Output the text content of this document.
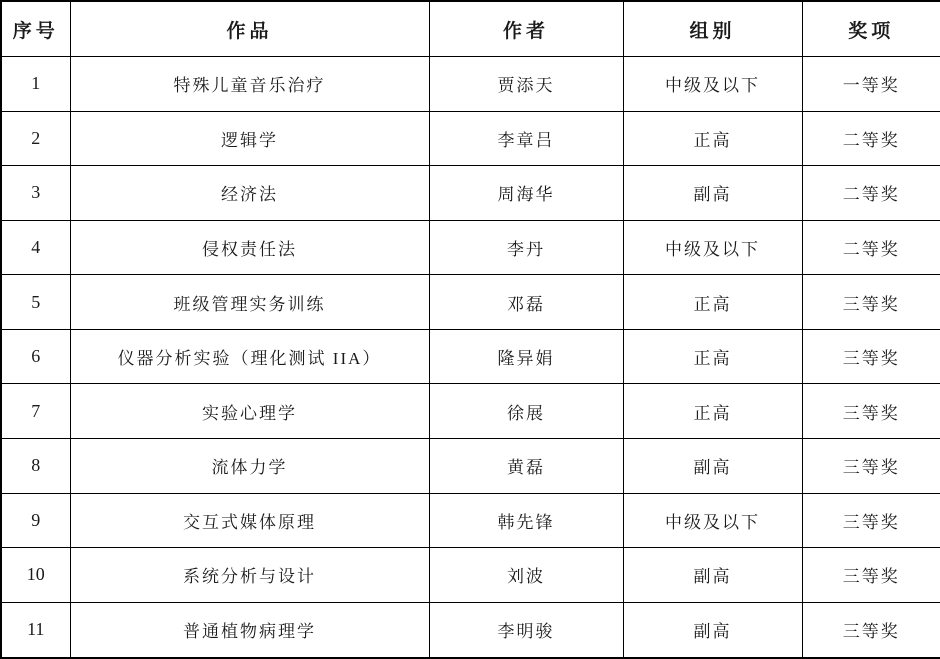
序号	作品	作者	组别	奖项
1	特殊儿童音乐治疗	贾添天	中级及以下	一等奖
2	逻辑学	李章吕	正高	二等奖
3	经济法	周海华	副高	二等奖
4	侵权责任法	李丹	中级及以下	二等奖
5	班级管理实务训练	邓磊	正高	三等奖
6	仪器分析实验（理化测试 IIA）	隆异娟	正高	三等奖
7	实验心理学	徐展	正高	三等奖
8	流体力学	黄磊	副高	三等奖
9	交互式媒体原理	韩先锋	中级及以下	三等奖
10	系统分析与设计	刘波	副高	三等奖
11	普通植物病理学	李明骏	副高	三等奖
